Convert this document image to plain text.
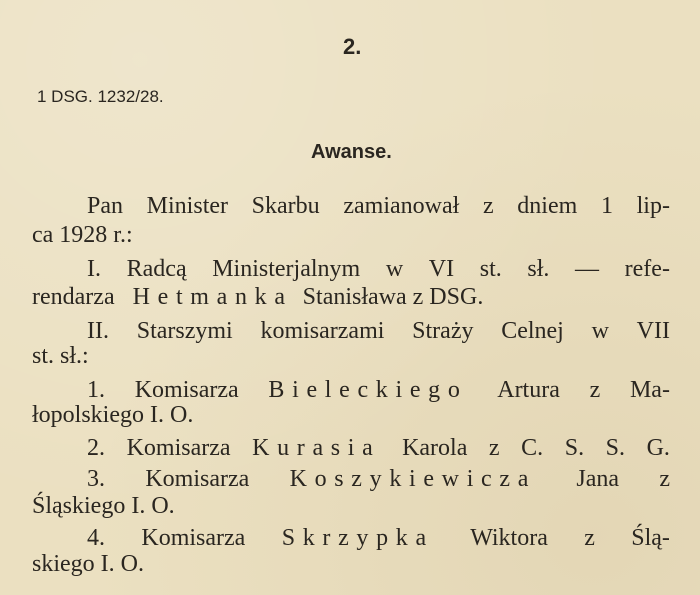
2.
1 DSG. 1232/28.
Awanse.
Pan Minister Skarbu zamianował z dniem 1 lip-
ca 1928 r.:
I. Radcą Ministerjalnym w VI st. sł. — refe-
rendarza Hetmanka Stanisława z DSG.
II. Starszymi komisarzami Straży Celnej w VII
st. sł.:
1. Komisarza Bieleckiego Artura z Ma-
łopolskiego I. O.
2. Komisarza Kurasia Karola z C. S. S. G.
3. Komisarza Koszykiewicza Jana z
Śląskiego I. O.
4. Komisarza Skrzypka Wiktora z Ślą-
skiego I. O.
